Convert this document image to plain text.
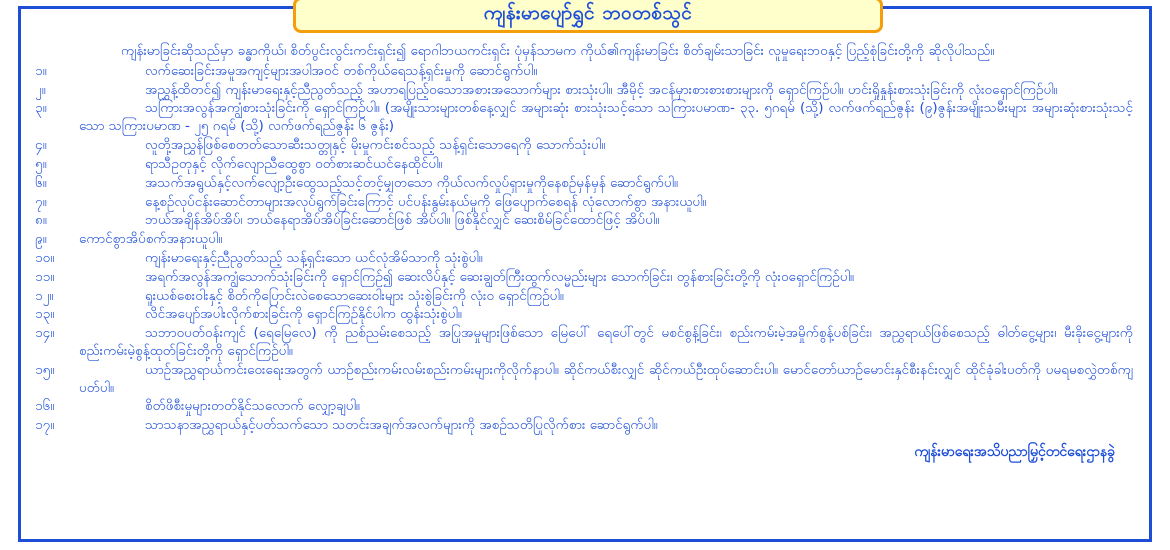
ကျန်းမာပျော်ရွှင် ဘဝတစ်သွင်

ကျန်းမာခြင်းဆိုသည်မှာ ခန္ဓာကိုယ်၊ စိတ်ပွင်းလွင်းကင်းရှင်း၍ ရောဂါဘယကင်းရှင်း ပုံမှန်သာမက ကိုယ်၏ကျန်းမာခြင်း စိတ်ချမ်းသာခြင်း လူမှုရေးဘဝနှင့် ပြည့်စုံခြင်းတို့ကို ဆိုလိုပါသည်။

၁။	လက်ဆေးခြင်းအမူအကျင့်များအပါအဝင် တစ်ကိုယ်ရေသန့်ရှင်းမှုကို ဆောင်ရွက်ပါ။
၂။	အညွှန့်ထိတင်၍ ကျန်းမာရေးနှင့်ညီညွတ်သည့် အဟာရပြည့်ဝသောအစားအသောက်များ စားသုံးပါ။ အီမိုင့် အငန်မှားစားစားစားများကို ရှောင်ကြဉ်ပါ။ ဟင်းရှိုနှုန်းစားသုံးခြင်းကို လုံးဝရှောင်ကြဉ်ပါ။
၃။	သကြားအလွန်အကျွံစားသုံးခြင်းကို ရှောင်ကြဉ်ပါ။ (အမျိုးသားများတစ်နေ့လျှင် အများဆုံး စားသုံးသင့်သော သကြားပမာဏ- ၃၃. ၅ဂရမ် (သို့) လက်ဖက်ရည်ဇွန်း (၉)ဇွန်းအမျိုးသမီးများ အများဆုံးစားသုံးသင့်သော သကြားပမာဏ - ၂၅ ဂရမ် (သို့) လက်ဖက်ရည်ဇွန်း ၆ ဇွန်း)
၄။	လူတို့အညွှန်ဖြစ်စေတတ်သောဆီးသတ္တုနှင့် မိုးမှုကင်းစင်သည့် သန့်ရှင်းသောရေကို သောက်သုံးပါ။
၅။	ရာသီဥတုနှင့် လိုက်လျောညီထွေစွာ ဝတ်စားဆင်ယင်နေထိုင်ပါ။
၆။	အသက်အရွယ်နှင့်လက်လျော့ဦးထွေသည့်သင့်တင့်မျှတသော ကိုယ်လက်လှုပ်ရှားမှုကိုနေစဉ်မှန်မှန် ဆောင်ရွက်ပါ။
၇။	နေ့စဉ်လုပ်ငန်းဆောင်တာများအလုပ်ရွက်ခြင်းကြောင့် ပင်ပန်းနွမ်းနယ်မှုကို ဖြေပျောက်စေရန် လုံလောက်စွာ အနားယူပါ။
၈။	ဘယ်အချိန်အိပ်အိပ်၊ ဘယ်နေရာအိပ်အိပ်ခြင်းဆောင်ဖြစ် အိပ်ပါ။ ဖြစ်နိုင်လျှင် ဆေးစိမ်ခြင်ထောင်ဖြင့် အိပ်ပါ။
၉။	ကောင်စွာအိပ်စက်အနားယူပါ။
၁၀။	ကျန်းမာရေးနှင့်ညီညွတ်သည့် သန့်ရှင်းသော ယင်လုံအိမ်သာကို သုံးစွဲပါ။
၁၁။	အရက်အလွန်အကျွံသောက်သုံးခြင်းကို ရှောင်ကြဉ်၍ ဆေးလိပ်နှင့် ဆေးချွတ်ကြီးထွက်လမ္မည်းများ သောက်ခြင်း၊ တွန်စားခြင်းတို့ကို လုံးဝရှောင်ကြဉ်ပါ။
၁၂။	ရူးယစ်စေးဝါးနှင့် စိတ်ကိုပြောင်းလဲစေသောဆေးဝါးများ သုံးစွဲခြင်းကို လုံးဝ ရှောင်ကြဉ်ပါ။
၁၃။	လိင်အပျော်အပါးလိုက်စားခြင်းကို ရှောင်ကြဉ်နိုင်ပါက ထွန်းသုံးစွဲပါ။
၁၄။	သဘာဝပတ်ဝန်းကျင် (ရေမြေလေ) ကို ညစ်ညမ်းစေသည့် အပြုအမှုများဖြစ်သော မြေပေါ် ရေပေါ်တွင် မစင်စွန့်ခြင်း၊ စည်းကမ်းမဲ့အမှိုက်စွန့်ပစ်ခြင်း၊ အညွှရာယ်ဖြစ်စေသည့် ဓါတ်ငွေ့များ၊ မီးခိုးငွေ့များကို စည်းကမ်းမဲ့စွန့်ထုတ်ခြင်းတို့ကို ရှောင်ကြဉ်ပါ။
၁၅။	ယာဉ်အညွှရာယ်ကင်းဝေးရေးအတွက် ယာဉ်စည်းကမ်းလမ်းစည်းကမ်းများကိုလိုက်နာပါ။ ဆိုင်ကယ်စီးလျှင် ဆိုင်ကယ်ဦးထုပ်ဆောင်းပါ။ မောင်တော်ယာဉ်မောင်းနှင်စီးနင်းလျှင် ထိုင်ခုံခါးပတ်ကို ပမရမစလွှဲတစ်ကျပတ်ပါ။
၁၆။	စိတ်ဖိစီးမှုများတတ်နိုင်သလောက် လျှော့ချပါ။
၁၇။	သာသနာအညွှရာယ်နှင့်ပတ်သက်သော သတင်းအချက်အလက်များကို အစဉ်သတိပြုလိုက်စား ဆောင်ရွက်ပါ။
ကျန်းမာရေးအသိပညာမြှင့်တင်ရေးဌာနခွဲ
